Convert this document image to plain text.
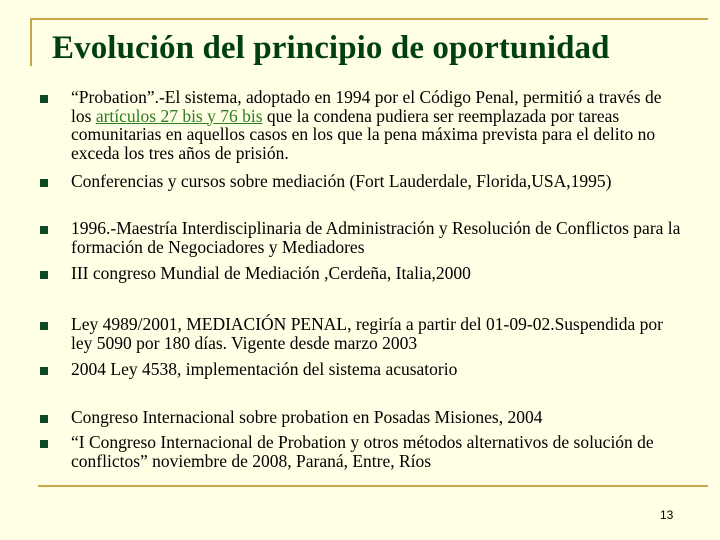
Evolución del principio de oportunidad
“Probation”.-El sistema, adoptado en 1994 por el Código Penal, permitió a través de los artículos 27 bis y 76 bis que la condena pudiera ser reemplazada por tareas comunitarias en aquellos casos en los que la pena máxima prevista para el delito no exceda los tres años de prisión.
Conferencias y cursos sobre mediación (Fort Lauderdale, Florida,USA,1995)
1996.-Maestría Interdisciplinaria de Administración y Resolución de Conflictos para la formación de Negociadores y Mediadores
III congreso Mundial de Mediación ,Cerdeña, Italia,2000
Ley 4989/2001, MEDIACIÓN PENAL, regiría a partir del 01-09-02.Suspendida por ley 5090 por 180 días. Vigente desde marzo 2003
2004 Ley 4538, implementación del sistema acusatorio
Congreso Internacional sobre probation en Posadas Misiones, 2004
“I Congreso Internacional de Probation y otros métodos alternativos de solución de conflictos” noviembre de 2008, Paraná, Entre, Ríos
13
